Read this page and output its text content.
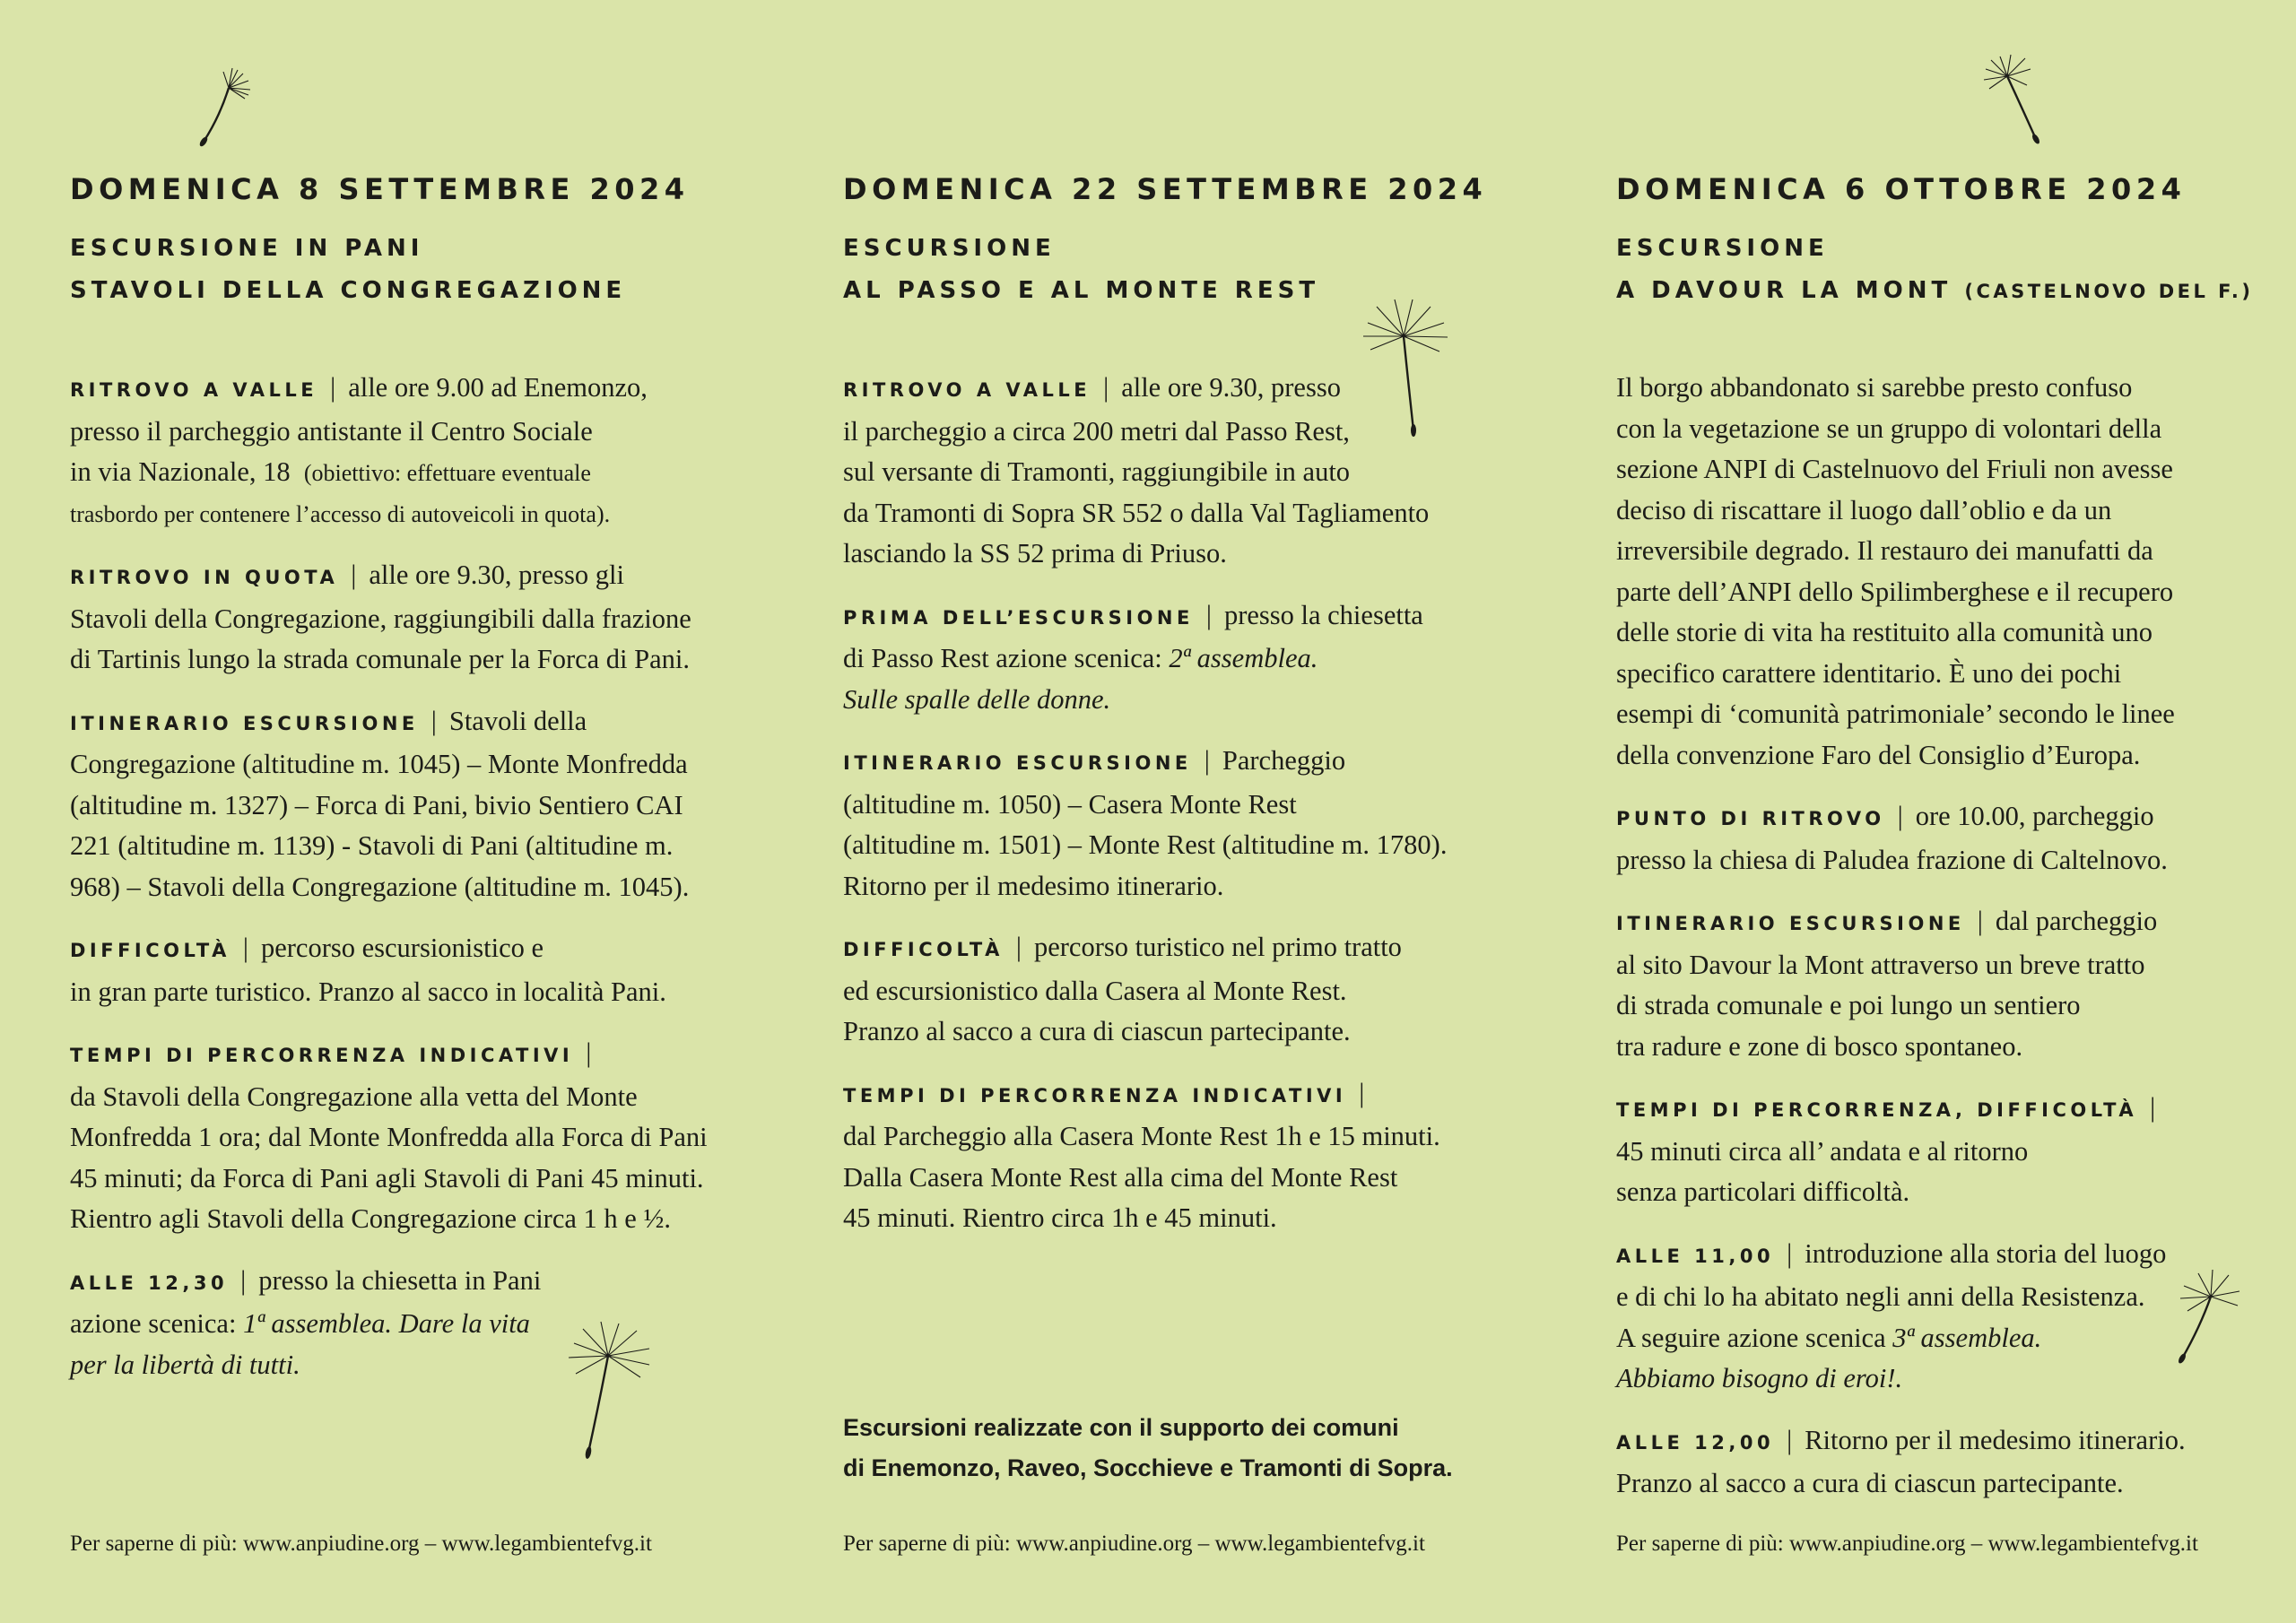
DOMENICA 8 SETTEMBRE 2024
ESCURSIONE IN PANI
STAVOLI DELLA CONGREGAZIONE
RITROVO A VALLE | alle ore 9.00 ad Enemonzo,
presso il parcheggio antistante il Centro Sociale
in via Nazionale, 18 (obiettivo: effettuare eventuale
trasbordo per contenere l’accesso di autoveicoli in quota).
RITROVO IN QUOTA | alle ore 9.30, presso gli
Stavoli della Congregazione, raggiungibili dalla frazione
di Tartinis lungo la strada comunale per la Forca di Pani.
ITINERARIO ESCURSIONE | Stavoli della
Congregazione (altitudine m. 1045) – Monte Monfredda
(altitudine m. 1327) – Forca di Pani, bivio Sentiero CAI
221 (altitudine m. 1139) - Stavoli di Pani (altitudine m.
968) – Stavoli della Congregazione (altitudine m. 1045).
DIFFICOLTÀ | percorso escursionistico e
in gran parte turistico. Pranzo al sacco in località Pani.
TEMPI DI PERCORRENZA INDICATIVI |
da Stavoli della Congregazione alla vetta del Monte
Monfredda 1 ora; dal Monte Monfredda alla Forca di Pani
45 minuti; da Forca di Pani agli Stavoli di Pani 45 minuti.
Rientro agli Stavoli della Congregazione circa 1 h e ½.
ALLE 12,30 | presso la chiesetta in Pani
azione scenica: 1ª assemblea. Dare la vita
per la libertà di tutti.
Per saperne di più: www.anpiudine.org – www.legambientefvg.it
DOMENICA 22 SETTEMBRE 2024
ESCURSIONE
AL PASSO E AL MONTE REST
RITROVO A VALLE | alle ore 9.30, presso
il parcheggio a circa 200 metri dal Passo Rest,
sul versante di Tramonti, raggiungibile in auto
da Tramonti di Sopra SR 552 o dalla Val Tagliamento
lasciando la SS 52 prima di Priuso.
PRIMA DELL’ESCURSIONE | presso la chiesetta
di Passo Rest azione scenica: 2ª assemblea.
Sulle spalle delle donne.
ITINERARIO ESCURSIONE | Parcheggio
(altitudine m. 1050) – Casera Monte Rest
(altitudine m. 1501) – Monte Rest (altitudine m. 1780).
Ritorno per il medesimo itinerario.
DIFFICOLTÀ | percorso turistico nel primo tratto
ed escursionistico dalla Casera al Monte Rest.
Pranzo al sacco a cura di ciascun partecipante.
TEMPI DI PERCORRENZA INDICATIVI |
dal Parcheggio alla Casera Monte Rest 1h e 15 minuti.
Dalla Casera Monte Rest alla cima del Monte Rest
45 minuti. Rientro circa 1h e 45 minuti.
Escursioni realizzate con il supporto dei comuni
di Enemonzo, Raveo, Socchieve e Tramonti di Sopra.
Per saperne di più: www.anpiudine.org – www.legambientefvg.it
DOMENICA 6 OTTOBRE 2024
ESCURSIONE
A DAVOUR LA MONT (CASTELNOVO DEL F.)
Il borgo abbandonato si sarebbe presto confuso
con la vegetazione se un gruppo di volontari della
sezione ANPI di Castelnuovo del Friuli non avesse
deciso di riscattare il luogo dall’oblio e da un
irreversibile degrado. Il restauro dei manufatti da
parte dell’ANPI dello Spilimberghese e il recupero
delle storie di vita ha restituito alla comunità uno
specifico carattere identitario. È uno dei pochi
esempi di ‘comunità patrimoniale’ secondo le linee
della convenzione Faro del Consiglio d’Europa.
PUNTO DI RITROVO | ore 10.00, parcheggio
presso la chiesa di Paludea frazione di Caltelnovo.
ITINERARIO ESCURSIONE | dal parcheggio
al sito Davour la Mont attraverso un breve tratto
di strada comunale e poi lungo un sentiero
tra radure e zone di bosco spontaneo.
TEMPI DI PERCORRENZA, DIFFICOLTÀ |
45 minuti circa all’ andata e al ritorno
senza particolari difficoltà.
ALLE 11,00 | introduzione alla storia del luogo
e di chi lo ha abitato negli anni della Resistenza.
A seguire azione scenica 3ª assemblea.
Abbiamo bisogno di eroi!.
ALLE 12,00 | Ritorno per il medesimo itinerario.
Pranzo al sacco a cura di ciascun partecipante.
Per saperne di più: www.anpiudine.org – www.legambientefvg.it
